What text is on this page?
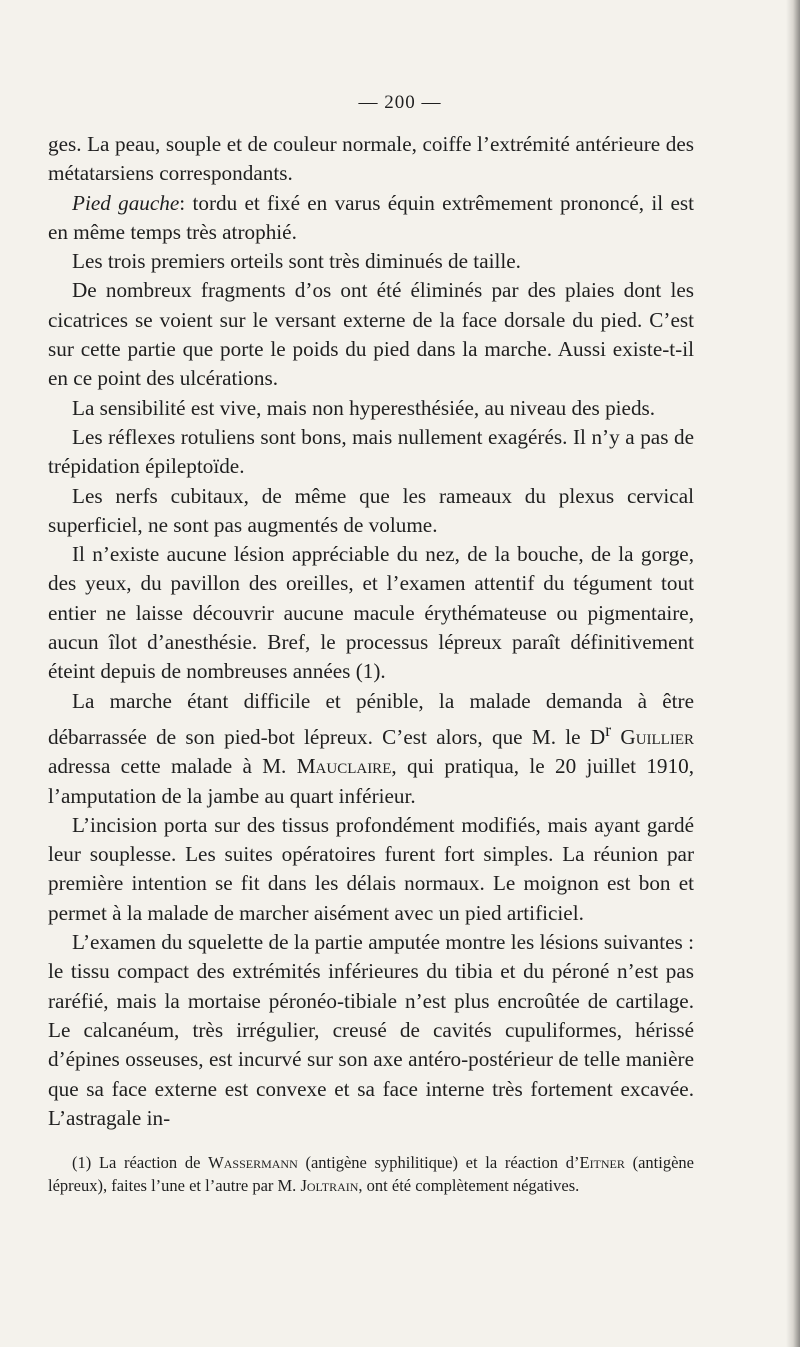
— 200 —

ges. La peau, souple et de couleur normale, coiffe l’extrémité antérieure des métatarsiens correspondants.

Pied gauche: tordu et fixé en varus équin extrêmement prononcé, il est en même temps très atrophié.

Les trois premiers orteils sont très diminués de taille.

De nombreux fragments d’os ont été éliminés par des plaies dont les cicatrices se voient sur le versant externe de la face dorsale du pied. C’est sur cette partie que porte le poids du pied dans la marche. Aussi existe-t-il en ce point des ulcérations.

La sensibilité est vive, mais non hyperesthésiée, au niveau des pieds.

Les réflexes rotuliens sont bons, mais nullement exagérés. Il n’y a pas de trépidation épileptoïde.

Les nerfs cubitaux, de même que les rameaux du plexus cervical superficiel, ne sont pas augmentés de volume.

Il n’existe aucune lésion appréciable du nez, de la bouche, de la gorge, des yeux, du pavillon des oreilles, et l’examen attentif du tégument tout entier ne laisse découvrir aucune macule érythémateuse ou pigmentaire, aucun îlot d’anesthésie. Bref, le processus lépreux paraît définitivement éteint depuis de nombreuses années (1).

La marche étant difficile et pénible, la malade demanda à être débarrassée de son pied-bot lépreux. C’est alors, que M. le $D^r$ Guillier adressa cette malade à M. Mauclaire, qui pratiqua, le 20 juillet 1910, l’amputation de la jambe au quart inférieur.

L’incision porta sur des tissus profondément modifiés, mais ayant gardé leur souplesse. Les suites opératoires furent fort simples. La réunion par première intention se fit dans les délais normaux. Le moignon est bon et permet à la malade de marcher aisément avec un pied artificiel.

L’examen du squelette de la partie amputée montre les lésions suivantes : le tissu compact des extrémités inférieures du tibia et du péroné n’est pas raréfié, mais la mortaise péronéo-tibiale n’est plus encroûtée de cartilage. Le calcanéum, très irrégulier, creusé de cavités cupuliformes, hérissé d’épines osseuses, est incurvé sur son axe antéro-postérieur de telle manière que sa face externe est convexe et sa face interne très fortement excavée. L’astragale in-

(1) La réaction de Wassermann (antigène syphilitique) et la réaction d’Eitner (antigène lépreux), faites l’une et l’autre par M. Joltrain, ont été complètement négatives.
